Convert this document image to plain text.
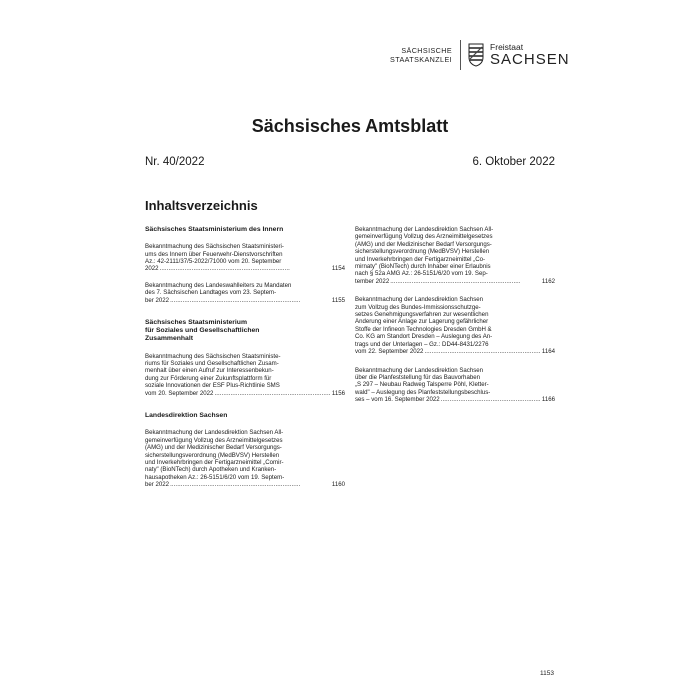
SÄCHSISCHE
STAATSKANZLEI
Freistaat
SACHSEN
Sächsisches Amtsblatt
Nr. 40/2022	6. Oktober 2022
Inhaltsverzeichnis
Sächsisches Staatsministerium des Innern
Bekanntmachung des Sächsischen Staatsministeri-
ums des Innern über Feuerwehr-Dienstvorschriften
Az.: 42-2111/37/5-2022/71000 vom 20. September
2022 . . .	1154
Bekanntmachung des Landeswahlleiters zu Mandaten
des 7. Sächsischen Landtages vom 23. Septem-
ber 2022 . . .	1155
Sächsisches Staatsministerium
für Soziales und Gesellschaftlichen
Zusammenhalt
Bekanntmachung des Sächsischen Staatsministe-
riums für Soziales und Gesellschaftlichen Zusam-
menhalt über einen Aufruf zur Interessenbekun-
dung zur Förderung einer Zukunftsplattform für
soziale Innovationen der ESF Plus-Richtlinie SMS
vom 20. September 2022 . . .	1156
Landesdirektion Sachsen
Bekanntmachung der Landesdirektion Sachsen All-
gemeinverfügung Vollzug des Arzneimittelgesetzes
(AMG) und der Medizinischer Bedarf Versorgungs-
sicherstellungsverordnung (MedBVSV) Herstellen
und Inverkehrbringen der Fertigarzneimittel „Comir-
naty" (BioNTech) durch Apotheken und Kranken-
hausapotheken Az.: 26-5151/6/20 vom 19. Septem-
ber 2022 . . .	1160
Bekanntmachung der Landesdirektion Sachsen All-
gemeinverfügung Vollzug des Arzneimittelgesetzes
(AMG) und der Medizinischer Bedarf Versorgungs-
sicherstellungsverordnung (MedBVSV) Herstellen
und Inverkehrbringen der Fertigarzneimittel „Co-
mirnaty" (BioNTech) durch Inhaber einer Erlaubnis
nach § 52a AMG Az.: 26-5151/6/20 vom 19. Sep-
tember 2022 . . .	1162
Bekanntmachung der Landesdirektion Sachsen
zum Vollzug des Bundes-Immissionsschutzge-
setzes Genehmigungsverfahren zur wesentlichen
Änderung einer Anlage zur Lagerung gefährlicher
Stoffe der Infineon Technologies Dresden GmbH &
Co. KG am Standort Dresden – Auslegung des An-
trags und der Unterlagen – Gz.: DD44-8431/2276
vom 22. September 2022 . . .	1164
Bekanntmachung der Landesdirektion Sachsen
über die Planfeststellung für das Bauvorhaben
„S 297 – Neubau Radweg Talsperre Pöhl, Kletter-
wald" – Auslegung des Planfeststellungsbeschlus-
ses – vom 16. September 2022 . . .	1166
1153
